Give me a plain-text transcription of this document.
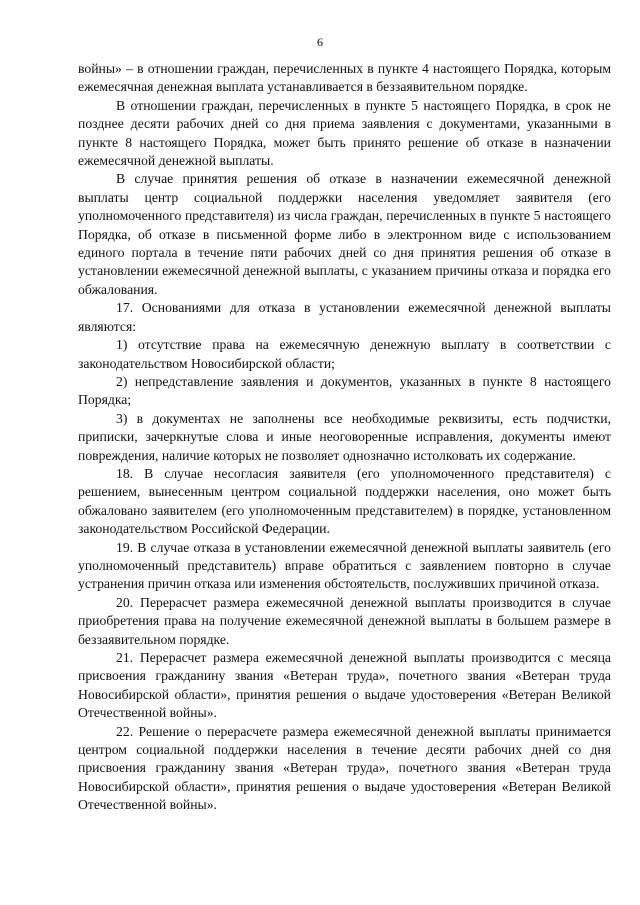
6

войны» – в отношении граждан, перечисленных в пункте 4 настоящего Порядка, которым ежемесячная денежная выплата устанавливается в беззаявительном порядке.

В отношении граждан, перечисленных в пункте 5 настоящего Порядка, в срок не позднее десяти рабочих дней со дня приема заявления с документами, указанными в пункте 8 настоящего Порядка, может быть принято решение об отказе в назначении ежемесячной денежной выплаты.

В случае принятия решения об отказе в назначении ежемесячной денежной выплаты центр социальной поддержки населения уведомляет заявителя (его уполномоченного представителя) из числа граждан, перечисленных в пункте 5 настоящего Порядка, об отказе в письменной форме либо в электронном виде с использованием единого портала в течение пяти рабочих дней со дня принятия решения об отказе в установлении ежемесячной денежной выплаты, с указанием причины отказа и порядка его обжалования.

17. Основаниями для отказа в установлении ежемесячной денежной выплаты являются:

1) отсутствие права на ежемесячную денежную выплату в соответствии с законодательством Новосибирской области;

2) непредставление заявления и документов, указанных в пункте 8 настоящего Порядка;

3) в документах не заполнены все необходимые реквизиты, есть подчистки, приписки, зачеркнутые слова и иные неоговоренные исправления, документы имеют повреждения, наличие которых не позволяет однозначно истолковать их содержание.

18. В случае несогласия заявителя (его уполномоченного представителя) с решением, вынесенным центром социальной поддержки населения, оно может быть обжаловано заявителем (его уполномоченным представителем) в порядке, установленном законодательством Российской Федерации.

19. В случае отказа в установлении ежемесячной денежной выплаты заявитель (его уполномоченный представитель) вправе обратиться с заявлением повторно в случае устранения причин отказа или изменения обстоятельств, послуживших причиной отказа.

20. Перерасчет размера ежемесячной денежной выплаты производится в случае приобретения права на получение ежемесячной денежной выплаты в большем размере в беззаявительном порядке.

21. Перерасчет размера ежемесячной денежной выплаты производится с месяца присвоения гражданину звания «Ветеран труда», почетного звания «Ветеран труда Новосибирской области», принятия решения о выдаче удостоверения «Ветеран Великой Отечественной войны».

22. Решение о перерасчете размера ежемесячной денежной выплаты принимается центром социальной поддержки населения в течение десяти рабочих дней со дня присвоения гражданину звания «Ветеран труда», почетного звания «Ветеран труда Новосибирской области», принятия решения о выдаче удостоверения «Ветеран Великой Отечественной войны».
